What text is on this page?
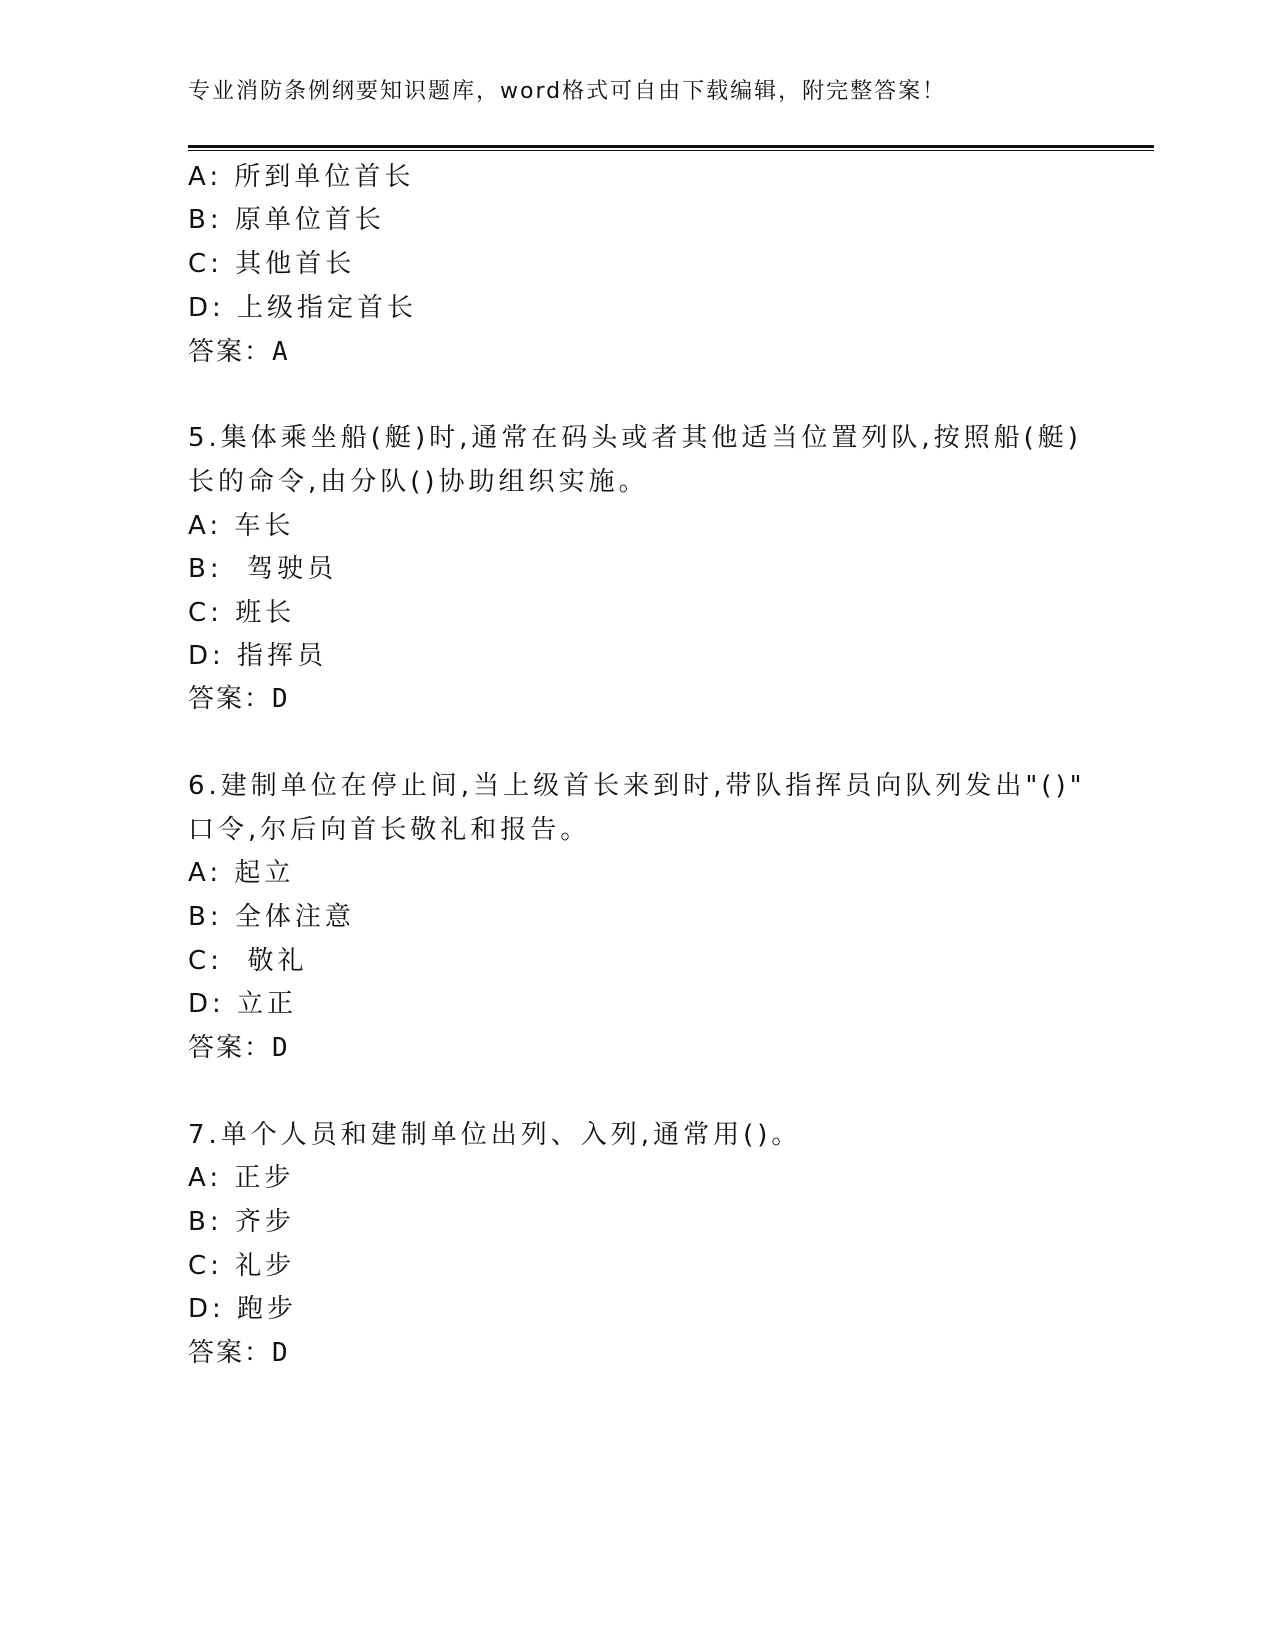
专业消防条例纲要知识题库，word格式可自由下载编辑，附完整答案！
A: 所到单位首长
B: 原单位首长
C: 其他首长
D: 上级指定首长
答案：A
5.集体乘坐船(艇)时,通常在码头或者其他适当位置列队,按照船(艇)
长的命令,由分队()协助组织实施。
A: 车长
B:  驾驶员
C: 班长
D: 指挥员
答案：D
6.建制单位在停止间,当上级首长来到时,带队指挥员向队列发出"()"
口令,尔后向首长敬礼和报告。
A: 起立
B: 全体注意
C:  敬礼
D: 立正
答案：D
7.单个人员和建制单位出列、入列,通常用()。
A: 正步
B: 齐步
C: 礼步
D: 跑步
答案：D
